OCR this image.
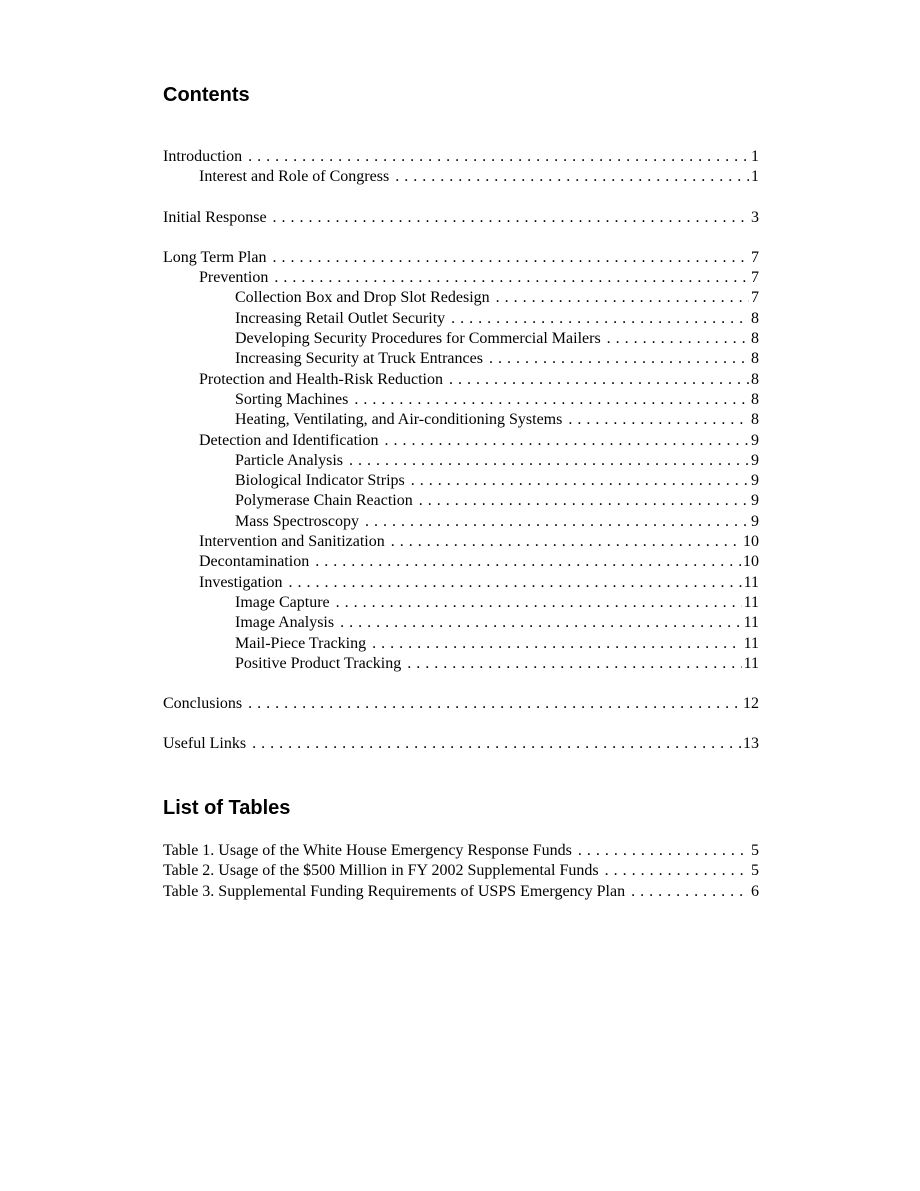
Contents
Introduction . . .	1
Interest and Role of Congress . . .	1
Initial Response . . .	3
Long Term Plan . . .	7
Prevention . . .	7
Collection Box and Drop Slot Redesign . . .	7
Increasing Retail Outlet Security . . .	8
Developing Security Procedures for Commercial Mailers . . .	8
Increasing Security at Truck Entrances . . .	8
Protection and Health-Risk Reduction . . .	8
Sorting Machines . . .	8
Heating, Ventilating, and Air-conditioning Systems . . .	8
Detection and Identification . . .	9
Particle Analysis . . .	9
Biological Indicator Strips . . .	9
Polymerase Chain Reaction . . .	9
Mass Spectroscopy . . .	9
Intervention and Sanitization . . .	10
Decontamination . . .	10
Investigation . . .	11
Image Capture . . .	11
Image Analysis . . .	11
Mail-Piece Tracking . . .	11
Positive Product Tracking . . .	11
Conclusions . . .	12
Useful Links . . .	13
List of Tables
Table 1. Usage of the White House Emergency Response Funds . . .	5
Table 2. Usage of the $500 Million in FY 2002 Supplemental Funds . . .	5
Table 3. Supplemental Funding Requirements of USPS Emergency Plan . . .	6
